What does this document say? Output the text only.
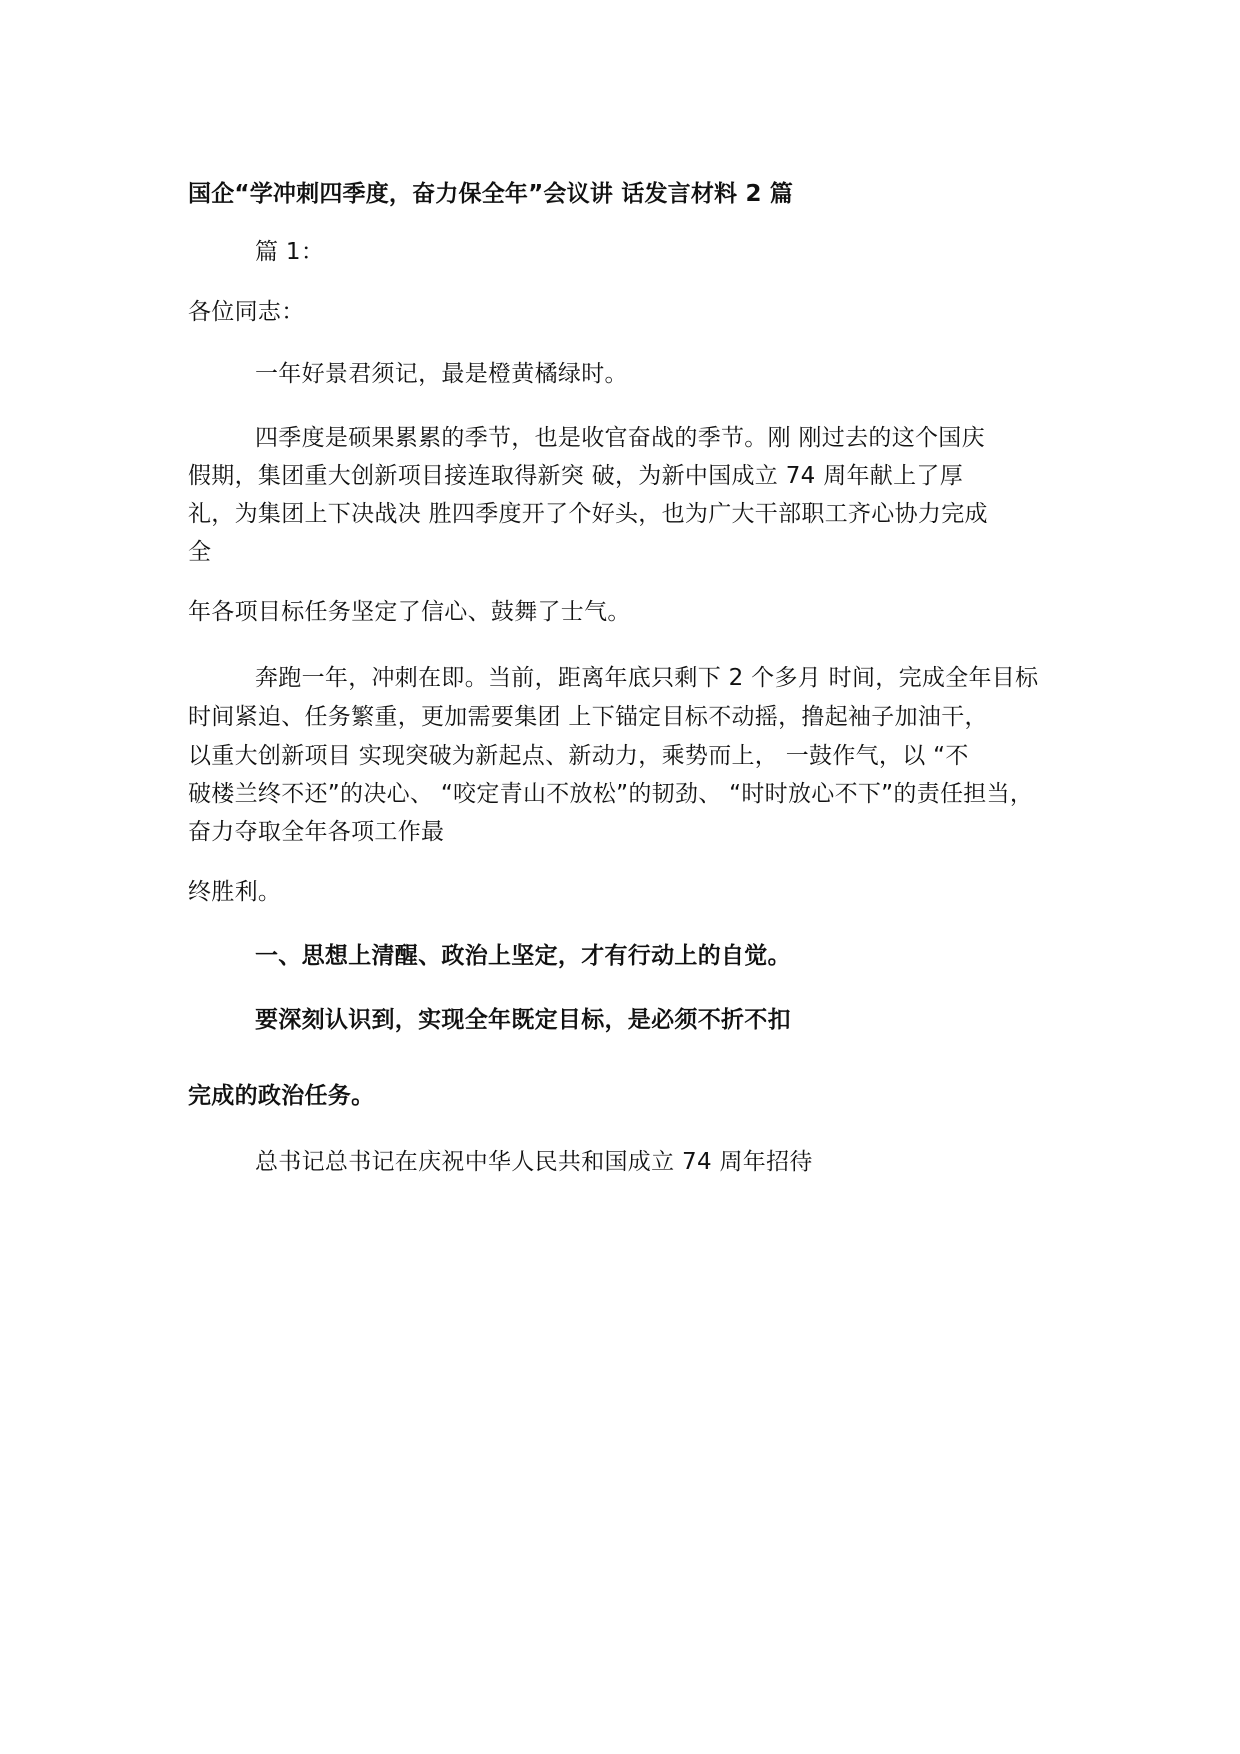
国企“学冲刺四季度，奋力保全年”会议讲 话发言材料 2 篇
篇 1：
各位同志：
一年好景君须记，最是橙黄橘绿时。
四季度是硕果累累的季节，也是收官奋战的季节。刚 刚过去的这个国庆
假期，集团重大创新项目接连取得新突 破，为新中国成立 74 周年献上了厚
礼，为集团上下决战决 胜四季度开了个好头，也为广大干部职工齐心协力完成
全
年各项目标任务坚定了信心、鼓舞了士气。
奔跑一年，冲刺在即。当前，距离年底只剩下 2 个多月 时间，完成全年目标
时间紧迫、任务繁重，更加需要集团 上下锚定目标不动摇，撸起袖子加油干，
以重大创新项目 实现突破为新起点、新动力，乘势而上， 一鼓作气，以 “不
破楼兰终不还”的决心、 “咬定青山不放松”的韧劲、 “时时放心不下”的责任担当，
奋力夺取全年各项工作最
终胜利。
一、思想上清醒、政治上坚定，才有行动上的自觉。
要深刻认识到，实现全年既定目标，是必须不折不扣
完成的政治任务。
总书记总书记在庆祝中华人民共和国成立 74 周年招待
